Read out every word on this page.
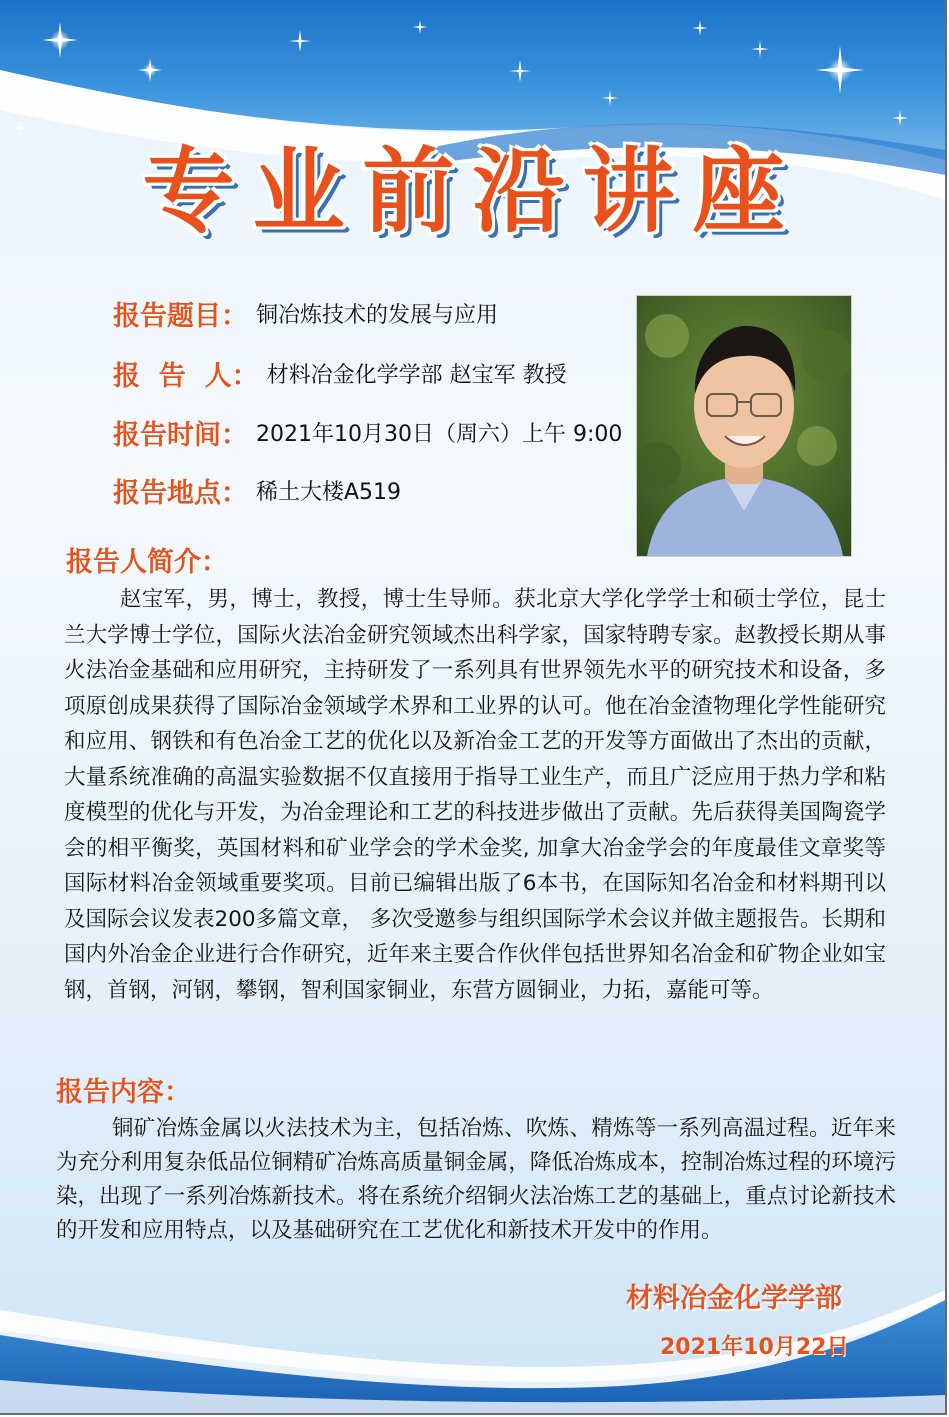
专业前沿讲座
报告题目： 铜冶炼技术的发展与应用
报  告  人： 材料冶金化学学部 赵宝军 教授
报告时间： 2021年10月30日（周六）上午 9:00
报告地点： 稀土大楼A519
报告人简介：
赵宝军，男，博士，教授，博士生导师。获北京大学化学学士和硕士学位，昆士兰大学博士学位，国际火法冶金研究领域杰出科学家，国家特聘专家。赵教授长期从事火法冶金基础和应用研究，主持研发了一系列具有世界领先水平的研究技术和设备，多项原创成果获得了国际冶金领域学术界和工业界的认可。他在冶金渣物理化学性能研究和应用、钢铁和有色冶金工艺的优化以及新冶金工艺的开发等方面做出了杰出的贡献，大量系统准确的高温实验数据不仅直接用于指导工业生产，而且广泛应用于热力学和粘度模型的优化与开发，为冶金理论和工艺的科技进步做出了贡献。先后获得美国陶瓷学会的相平衡奖，英国材料和矿业学会的学术金奖, 加拿大冶金学会的年度最佳文章奖等国际材料冶金领域重要奖项。目前已编辑出版了6本书，在国际知名冶金和材料期刊以及国际会议发表200多篇文章， 多次受邀参与组织国际学术会议并做主题报告。长期和国内外冶金企业进行合作研究，近年来主要合作伙伴包括世界知名冶金和矿物企业如宝钢，首钢，河钢，攀钢，智利国家铜业，东营方圆铜业，力拓，嘉能可等。
报告内容：
铜矿冶炼金属以火法技术为主，包括冶炼、吹炼、精炼等一系列高温过程。近年来为充分利用复杂低品位铜精矿冶炼高质量铜金属，降低冶炼成本，控制冶炼过程的环境污染，出现了一系列冶炼新技术。将在系统介绍铜火法冶炼工艺的基础上，重点讨论新技术的开发和应用特点，以及基础研究在工艺优化和新技术开发中的作用。
材料冶金化学学部
2021年10月22日
